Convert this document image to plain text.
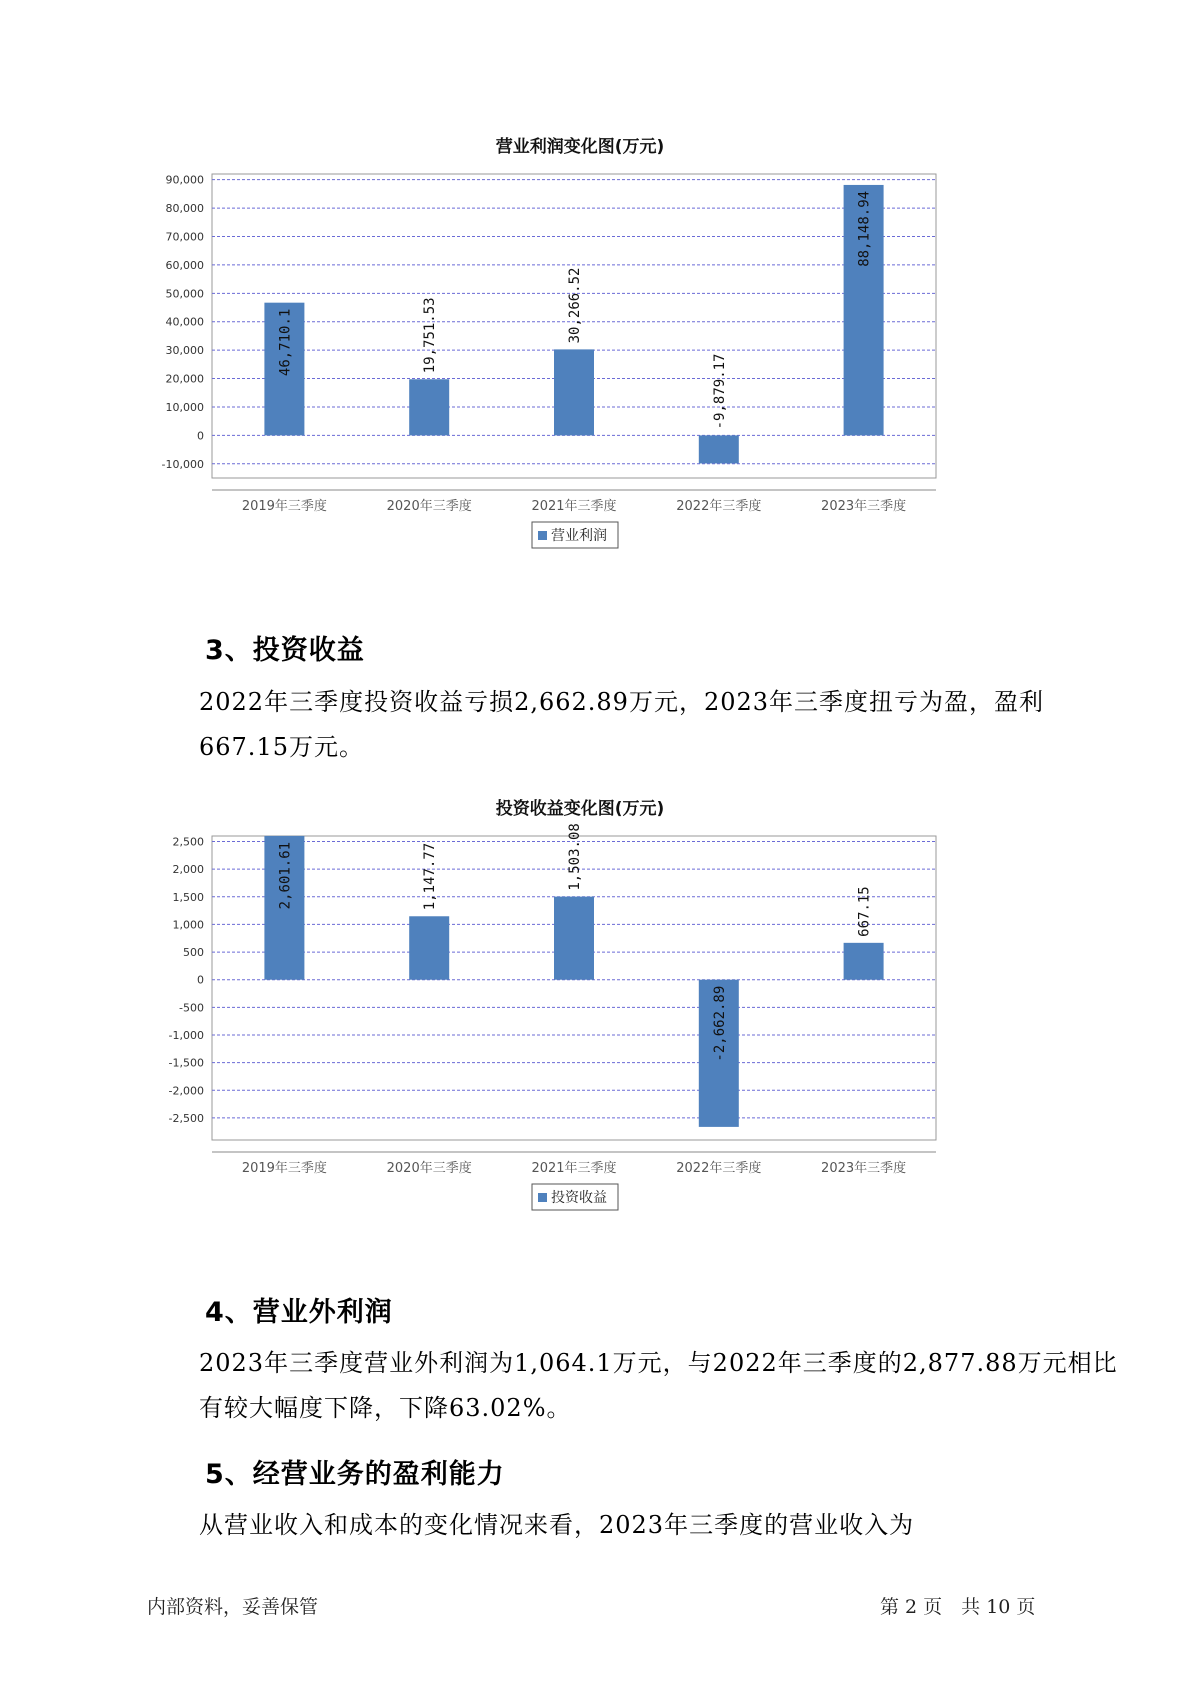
营业利润变化图(万元)
-10,000
0
10,000
20,000
30,000
40,000
50,000
60,000
70,000
80,000
90,000
46,710.1
2019年三季度
19,751.53
2020年三季度
30,266.52
2021年三季度
-9,879.17
2022年三季度
88,148.94
2023年三季度
营业利润
3、投资收益

2022年三季度投资收益亏损2,662.89万元，2023年三季度扭亏为盈，盈利667.15万元。

投资收益变化图(万元)
-2,500
-2,000
-1,500
-1,000
-500
0
500
1,000
1,500
2,000
2,500	2,601.61
2019年三季度
1,147.77
2020年三季度
1,503.08
2021年三季度
-2,662.89
2022年三季度
667.15
2023年三季度
投资收益
4、营业外利润

2023年三季度营业外利润为1,064.1万元，与2022年三季度的2,877.88万元相比有较大幅度下降，下降63.02%。

5、经营业务的盈利能力

从营业收入和成本的变化情况来看，2023年三季度的营业收入为

内部资料，妥善保管	第 2 页　共 10 页
